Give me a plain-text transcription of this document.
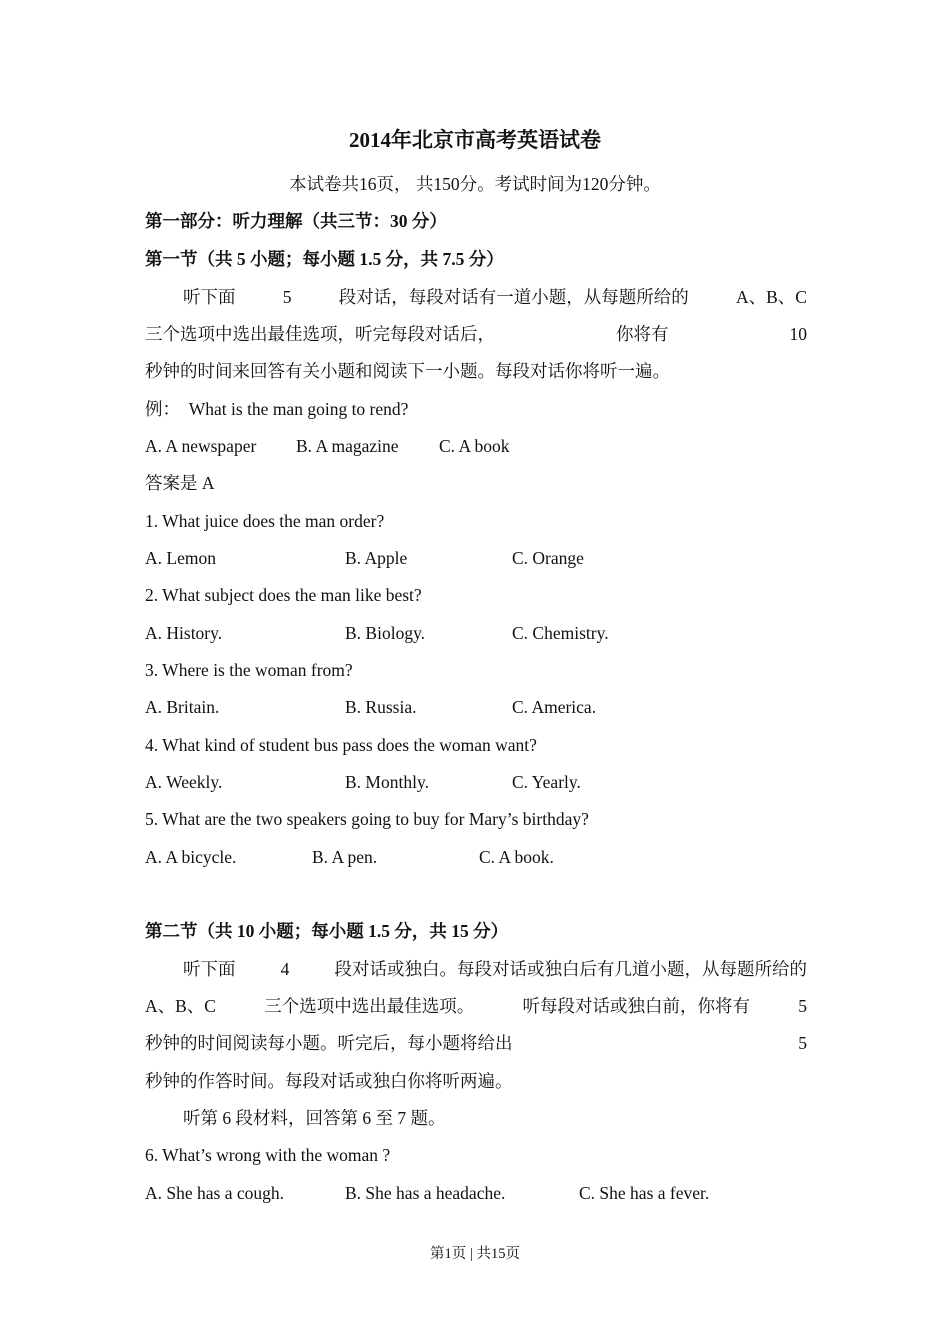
2014年北京市高考英语试卷
本试卷共16页， 共150分。考试时间为120分钟。
第一部分：听力理解（共三节：30 分）
第一节（共 5 小题；每小题 1.5 分，共 7.5 分）
听下面	5	段对话，每段对话有一道小题，从每题所给的	A、B、C
三个选项中选出最佳选项，听完每段对话后，	你将有	10
秒钟的时间来回答有关小题和阅读下一小题。每段对话你将听一遍。
例： What is the man going to rend?
A. A newspaper B. A magazine C. A book
答案是 A
1. What juice does the man order?
A. Lemon	B. Apple	C. Orange
2. What subject does the man like best?
A. History.	B. Biology.	C. Chemistry.
3. Where is the woman from?
A. Britain.	B. Russia.	C. America.
4. What kind of student bus pass does the woman want?
A. Weekly.	B. Monthly.	C. Yearly.
5. What are the two speakers going to buy for Mary’s birthday?
A. A bicycle.	B. A pen.	C. A book.
第二节（共 10 小题；每小题 1.5 分，共 15 分）
听下面	4	段对话或独白。每段对话或独白后有几道小题，从每题所给的
A、B、C	三个选项中选出最佳选项。	听每段对话或独白前，你将有	5
秒钟的时间阅读每小题。听完后，每小题将给出	5
秒钟的作答时间。每段对话或独白你将听两遍。
听第 6 段材料，回答第 6 至 7 题。
6. What’s wrong with the woman ?
A. She has a cough.	B. She has a headache.	C. She has a fever.
第1页 | 共15页
